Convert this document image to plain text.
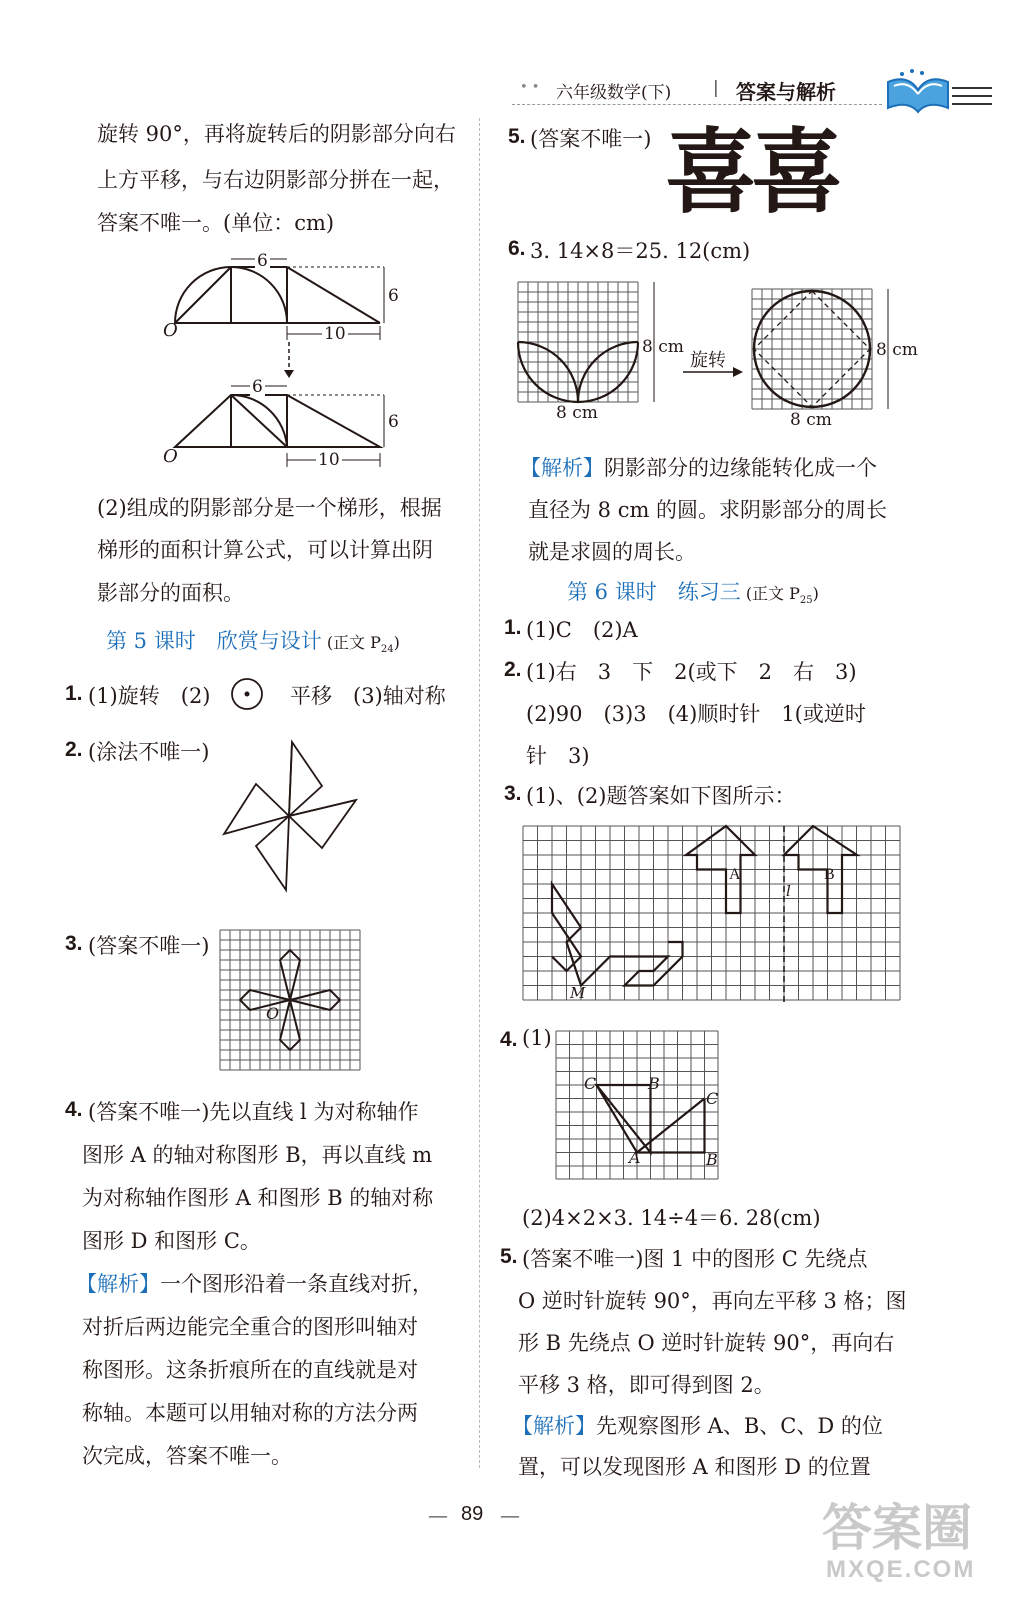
• • 六年级数学(下) | 答案与解析
旋转 90°，再将旋转后的阴影部分向右
上方平移，与右边阴影部分拼在一起，
答案不唯一。(单位：cm)
6
6
10
O
6
6
10
O
(2)组成的阴影部分是一个梯形，根据
梯形的面积计算公式，可以计算出阴
影部分的面积。
第 5 课时　欣赏与设计 (正文 $P_{24}$)
1. (1)旋转　(2)	平移　(3)轴对称
2. (涂法不唯一)
3. (答案不唯一)
O
4. (答案不唯一)先以直线 l 为对称轴作
图形 A 的轴对称图形 B，再以直线 m
为对称轴作图形 A 和图形 B 的轴对称
图形 D 和图形 C。
【解析】一个图形沿着一条直线对折，
对折后两边能完全重合的图形叫轴对
称图形。这条折痕所在的直线就是对
称轴。本题可以用轴对称的方法分两
次完成，答案不唯一。
5. (答案不唯一) 喜喜
6. 3. 14×8＝25. 12(cm)
8 cm
8 cm
旋转	8 cm
8 cm
【解析】阴影部分的边缘能转化成一个
直径为 8 cm 的圆。求阴影部分的周长
就是求圆的周长。
第 6 课时　练习三 (正文 $P_{25}$)
1. (1)C　(2)A
2. (1)右　3　下　2(或下　2　右　3)
(2)90　(3)3　(4)顺时针　1(或逆时
针　3)
3. (1)、(2)题答案如下图所示：
A	B
l
M
4. (1)
C	B
C
A	B
(2)4×2×3. 14÷4＝6. 28(cm)
5. (答案不唯一)图 1 中的图形 C 先绕点
O 逆时针旋转 90°，再向左平移 3 格；图
形 B 先绕点 O 逆时针旋转 90°，再向右
平移 3 格，即可得到图 2。
【解析】先观察图形 A、B、C、D 的位
置，可以发现图形 A 和图形 D 的位置
— 89 —	答案圈
MXQE.COM
